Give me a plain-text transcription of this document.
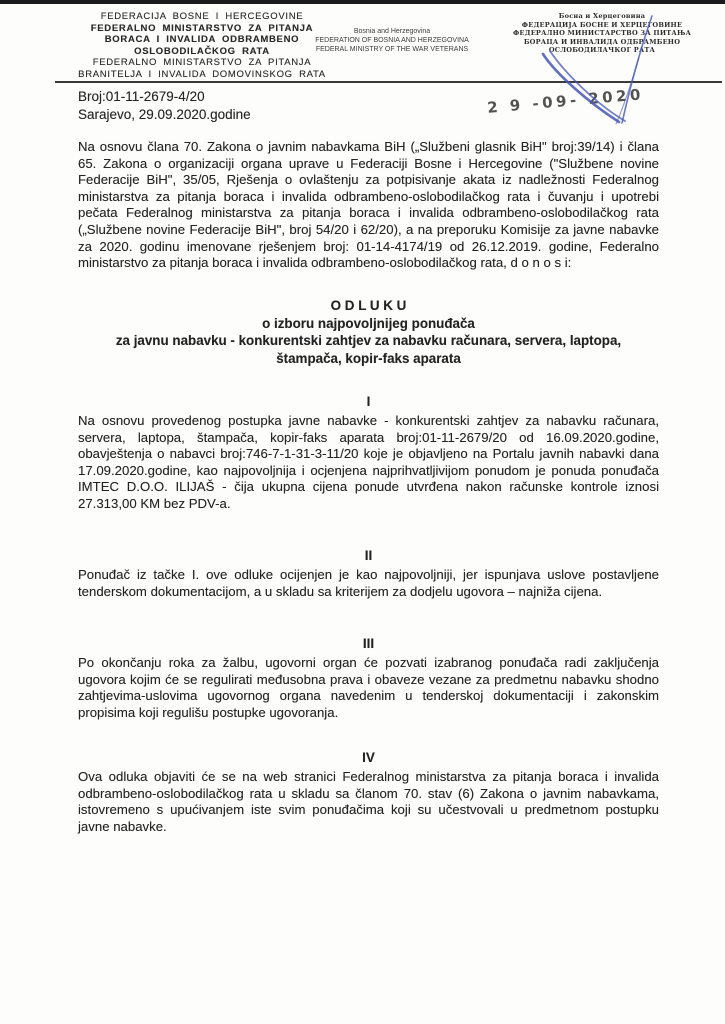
FEDERACIJA BOSNE I HERCEGOVINE
FEDERALNO MINISTARSTVO ZA PITANJA
BORACA I INVALIDA ODBRAMBENO
OSLOBODILAČKOG RATA
FEDERALNO MINISTARSTVO ZA PITANJA
BRANITELJA I INVALIDA DOMOVINSKOG RATA
Bosnia and Herzegovina
FEDERATION OF BOSNIA AND HERZEGOVINA
FEDERAL MINISTRY OF THE WAR VETERANS
Босна и Херцеговина
ФЕДЕРАЦИЈА БОСНЕ И ХЕРЦЕГОВИНЕ
ФЕДЕРАЛНО МИНИСТАРСТВО ЗА ПИТАЊА
БОРАЦА И ИНВАЛИДА ОДБРАМБЕНО
ОСЛОБОДИЛАЧКОГ РАТА
Broj:01-11-2679-4/20
Sarajevo, 29.09.2020.godine	2 9 -09- 2020
Na osnovu člana 70. Zakona o javnim nabavkama BiH („Službeni glasnik BiH" broj:39/14) i člana 65. Zakona o organizaciji organa uprave u Federaciji Bosne i Hercegovine ("Službene novine Federacije BiH", 35/05, Rješenja o ovlaštenju za potpisivanje akata iz nadležnosti Federalnog ministarstva za pitanja boraca i invalida odbrambeno-oslobodilačkog rata i čuvanju i upotrebi pečata Federalnog ministarstva za pitanja boraca i invalida odbrambeno-oslobodilačkog rata („Službene novine Federacije BiH", broj 54/20 i 62/20), a na preporuku Komisije za javne nabavke za 2020. godinu imenovane rješenjem broj: 01-14-4174/19 od 26.12.2019. godine, Federalno ministarstvo za pitanja boraca i invalida odbrambeno-oslobodilačkog rata, d o n o s i:
O D L U K U
o izboru najpovoljnijeg ponuđača
za javnu nabavku - konkurentski zahtjev za nabavku računara, servera, laptopa,
štampača, kopir-faks aparata
I
Na osnovu provedenog postupka javne nabavke - konkurentski zahtjev za nabavku računara, servera, laptopa, štampača, kopir-faks aparata broj:01-11-2679/20 od 16.09.2020.godine, obavještenja o nabavci broj:746-7-1-31-3-11/20 koje je objavljeno na Portalu javnih nabavki dana 17.09.2020.godine, kao najpovoljnija i ocjenjena najprihvatljivijom ponudom je ponuda ponuđača IMTEC D.O.O. ILIJAŠ - čija ukupna cijena ponude utvrđena nakon računske kontrole iznosi 27.313,00 KM bez PDV-a.
II
Ponuđač iz tačke I. ove odluke ocijenjen je kao najpovoljniji, jer ispunjava uslove postavljene tenderskom dokumentacijom, a u skladu sa kriterijem za dodjelu ugovora – najniža cijena.
III
Po okončanju roka za žalbu, ugovorni organ će pozvati izabranog ponuđača radi zaključenja ugovora kojim će se regulirati međusobna prava i obaveze vezane za predmetnu nabavku shodno zahtjevima-uslovima ugovornog organa navedenim u tenderskoj dokumentaciji i zakonskim propisima koji regulišu postupke ugovoranja.
IV
Ova odluka objaviti će se na web stranici Federalnog ministarstva za pitanja boraca i invalida odbrambeno-oslobodilačkog rata u skladu sa članom 70. stav (6) Zakona o javnim nabavkama, istovremeno s upućivanjem iste svim ponuđačima koji su učestvovali u predmetnom postupku javne nabavke.
